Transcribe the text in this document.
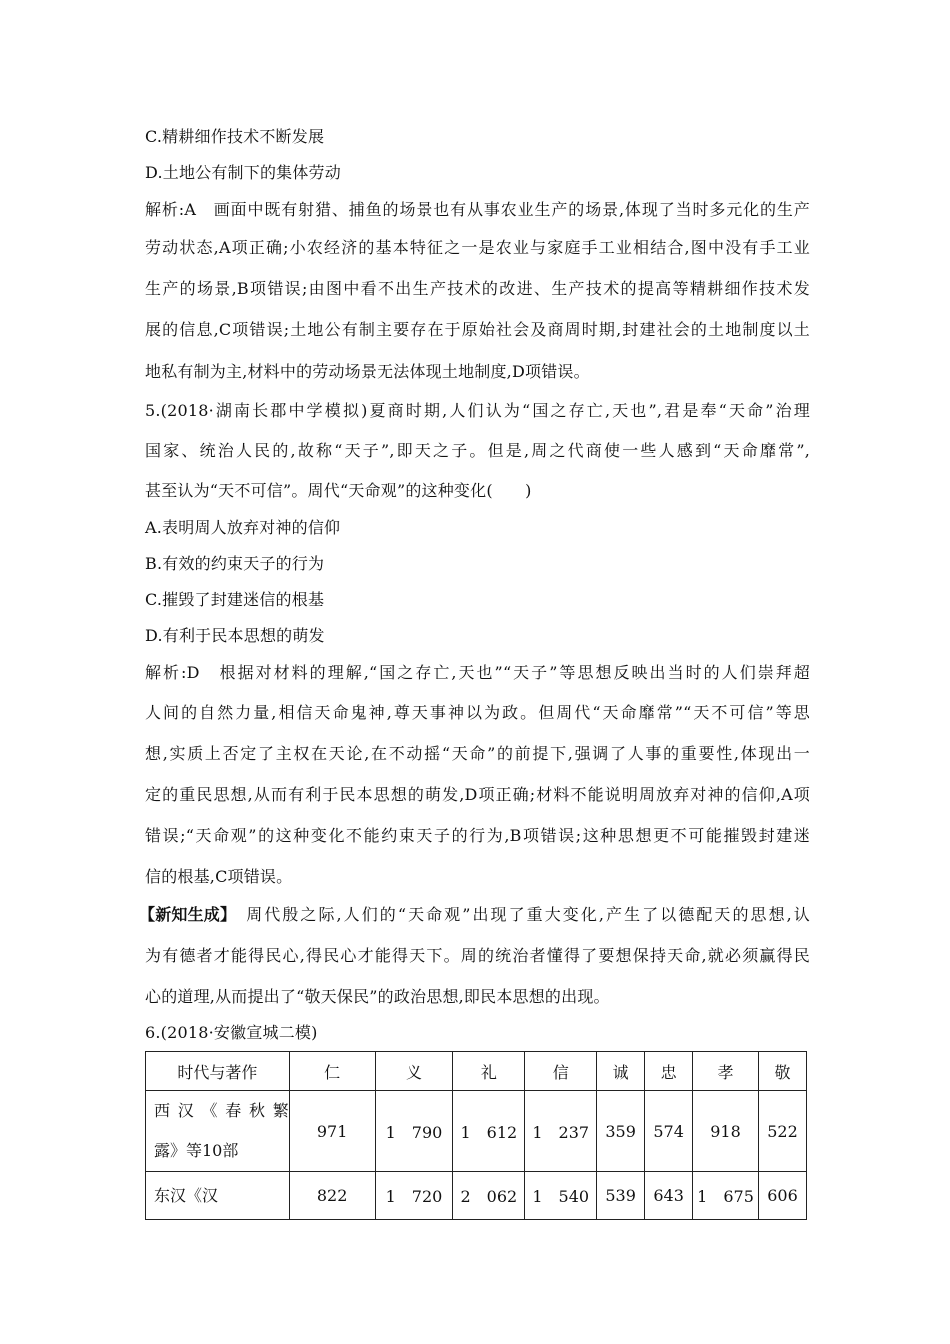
C.精耕细作技术不断发展
D.土地公有制下的集体劳动
解析:A　画面中既有射猎、捕鱼的场景也有从事农业生产的场景,体现了当时多元化的生产
劳动状态,A项正确;小农经济的基本特征之一是农业与家庭手工业相结合,图中没有手工业
生产的场景,B项错误;由图中看不出生产技术的改进、生产技术的提高等精耕细作技术发
展的信息,C项错误;土地公有制主要存在于原始社会及商周时期,封建社会的土地制度以土
地私有制为主,材料中的劳动场景无法体现土地制度,D项错误。
5.(2018·湖南长郡中学模拟)夏商时期,人们认为“国之存亡,天也”,君是奉“天命”治理
国家、统治人民的,故称“天子”,即天之子。但是,周之代商使一些人感到“天命靡常”,
甚至认为“天不可信”。周代“天命观”的这种变化(　　)
A.表明周人放弃对神的信仰
B.有效的约束天子的行为
C.摧毁了封建迷信的根基
D.有利于民本思想的萌发
解析:D　根据对材料的理解,“国之存亡,天也”“天子”等思想反映出当时的人们崇拜超
人间的自然力量,相信天命鬼神,尊天事神以为政。但周代“天命靡常”“天不可信”等思
想,实质上否定了主权在天论,在不动摇“天命”的前提下,强调了人事的重要性,体现出一
定的重民思想,从而有利于民本思想的萌发,D项正确;材料不能说明周放弃对神的信仰,A项
错误;“天命观”的这种变化不能约束天子的行为,B项错误;这种思想更不可能摧毁封建迷
信的根基,C项错误。
【新知生成】 周代殷之际,人们的“天命观”出现了重大变化,产生了以德配天的思想,认
为有德者才能得民心,得民心才能得天下。周的统治者懂得了要想保持天命,就必须赢得民
心的道理,从而提出了“敬天保民”的政治思想,即民本思想的出现。
6.(2018·安徽宣城二模)
时代与著作	仁	义	礼	信	诚	忠	孝	敬

西汉《春秋繁
露》等10部	971	1　790	1　612	1　237	359	574	918	522

东汉《汉	822	1　720	2　062	1　540	539	643	1　675	606
